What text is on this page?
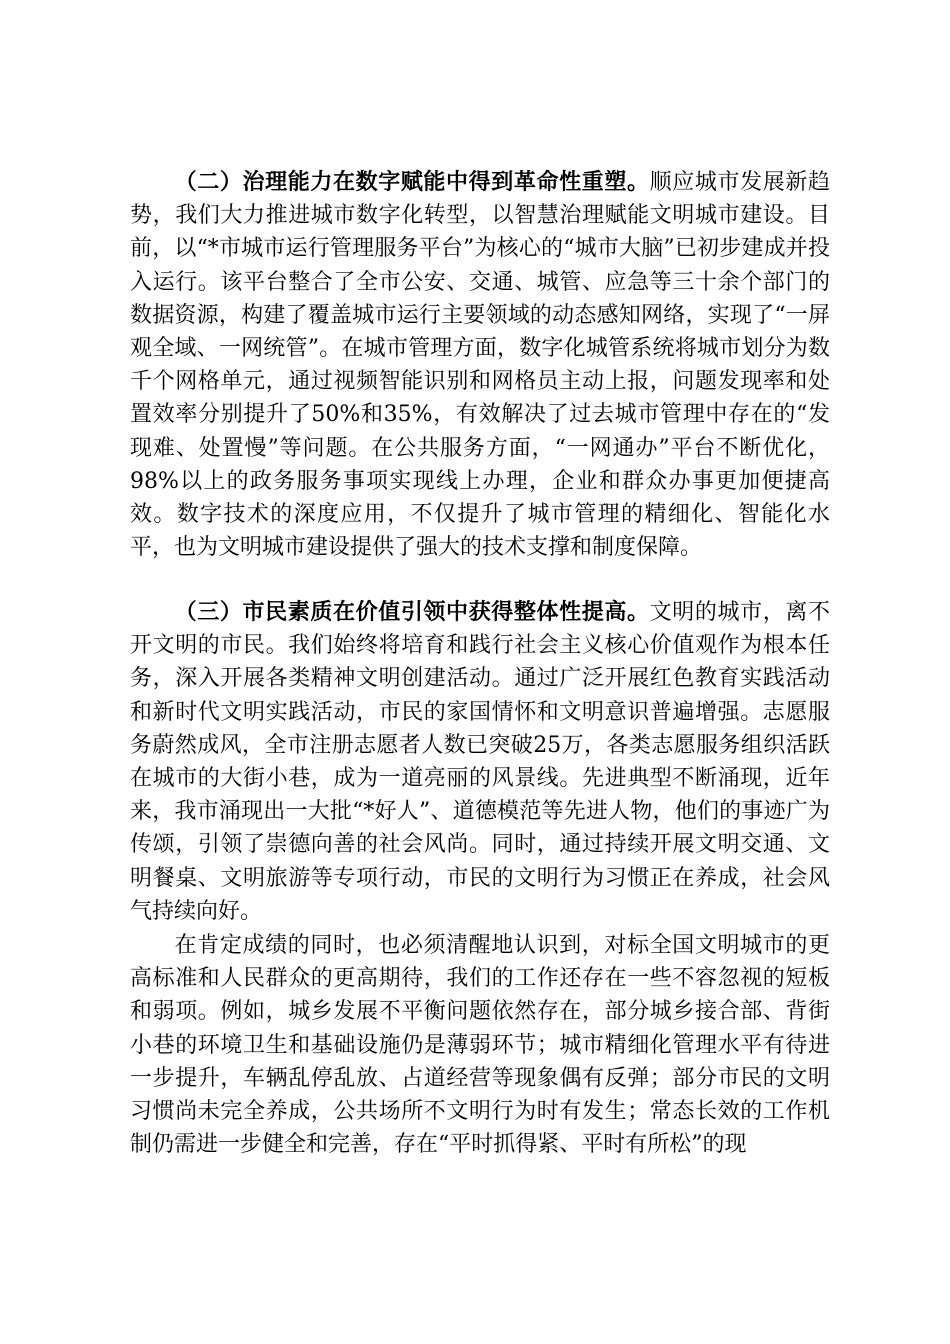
（二）治理能力在数字赋能中得到革命性重塑。顺应城市发展新趋势，我们大力推进城市数字化转型，以智慧治理赋能文明城市建设。目前，以“*市城市运行管理服务平台”为核心的“城市大脑”已初步建成并投入运行。该平台整合了全市公安、交通、城管、应急等三十余个部门的数据资源，构建了覆盖城市运行主要领域的动态感知网络，实现了“一屏观全域、一网统管”。在城市管理方面，数字化城管系统将城市划分为数千个网格单元，通过视频智能识别和网格员主动上报，问题发现率和处置效率分别提升了50%和35%，有效解决了过去城市管理中存在的“发现难、处置慢”等问题。在公共服务方面，“一网通办”平台不断优化，98%以上的政务服务事项实现线上办理，企业和群众办事更加便捷高效。数字技术的深度应用，不仅提升了城市管理的精细化、智能化水平，也为文明城市建设提供了强大的技术支撑和制度保障。

（三）市民素质在价值引领中获得整体性提高。文明的城市，离不开文明的市民。我们始终将培育和践行社会主义核心价值观作为根本任务，深入开展各类精神文明创建活动。通过广泛开展红色教育实践活动和新时代文明实践活动，市民的家国情怀和文明意识普遍增强。志愿服务蔚然成风，全市注册志愿者人数已突破25万，各类志愿服务组织活跃在城市的大街小巷，成为一道亮丽的风景线。先进典型不断涌现，近年来，我市涌现出一大批“*好人”、道德模范等先进人物，他们的事迹广为传颂，引领了崇德向善的社会风尚。同时，通过持续开展文明交通、文明餐桌、文明旅游等专项行动，市民的文明行为习惯正在养成，社会风气持续向好。

在肯定成绩的同时，也必须清醒地认识到，对标全国文明城市的更高标准和人民群众的更高期待，我们的工作还存在一些不容忽视的短板和弱项。例如，城乡发展不平衡问题依然存在，部分城乡接合部、背街小巷的环境卫生和基础设施仍是薄弱环节；城市精细化管理水平有待进一步提升，车辆乱停乱放、占道经营等现象偶有反弹；部分市民的文明习惯尚未完全养成，公共场所不文明行为时有发生；常态长效的工作机制仍需进一步健全和完善，存在“平时抓得紧、平时有所松”的现
